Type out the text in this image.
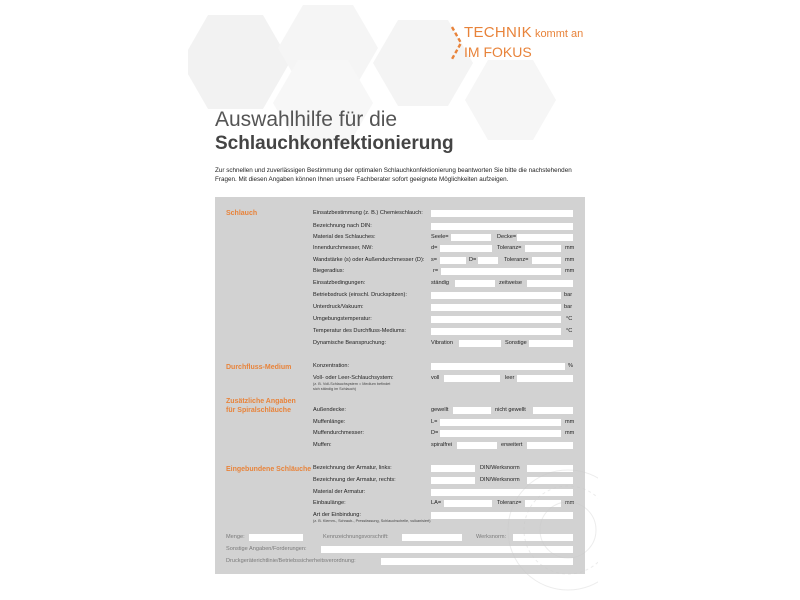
TECHNIK kommt an
IM FOKUS
Auswahlhilfe für die
Schlauchkonfektionierung
Zur schnellen und zuverlässigen Bestimmung der optimalen Schlauchkonfektionierung beantworten Sie bitte die nachstehenden Fragen. Mit diesen Angaben können Ihnen unsere Fachberater sofort geeignete Möglichkeiten aufzeigen.
Schlauch	Einsatzbestimmung (z. B.) Chemieschlauch:
Bezeichnung nach DIN:
Material des Schlauches:	Seele=	Decke=
Innendurchmesser, NW:	d=	Toleranz=	mm
Wandstärke (s) oder Außendurchmesser (D): s=	D=	Toleranz=	mm
Biegeradius:	r=	mm
Einsatzbedingungen:	ständig	zeitweise
Betriebsdruck (einschl. Druckspitzen):	bar
Unterdruck/Vakuum:	bar
Umgebungstemperatur:	°C
Temperatur des Durchfluss-Mediums:	°C
Dynamische Beanspruchung:	Vibration	Sonstige
Durchfluss-Medium	Konzentration:	%
Voll- oder Leer-Schlauchsystem:
(z. B. Voll-Schlauchsystem = Medium befindet
sich ständig im Schlauch)
voll	leer
Zusätzliche Angaben für Spiralschläuche	Außendecke:	gewellt	nicht gewellt
Muffenlänge:	L=	mm
Muffendurchmesser:	D=	mm
Muffen:	spiralfrei	erweitert
Eingebundene Schläuche Bezeichnung der Armatur, links:	DIN/Werksnorm
Bezeichnung der Armatur, rechts:	DIN/Werksnorm
Material der Armatur:
Einbaulänge:	LA=	Toleranz=	mm
Art der Einbindung:
(z. B. Klemm-, Schraub-, Pressfassung, Schlauchschelle, vulkanisiert)
Menge:	Kennzeichnungsvorschrift:	Werksnorm:
Sonstige Angaben/Forderungen:
Druckgeräterichtlinie/Betriebssicherheitsverordnung:
